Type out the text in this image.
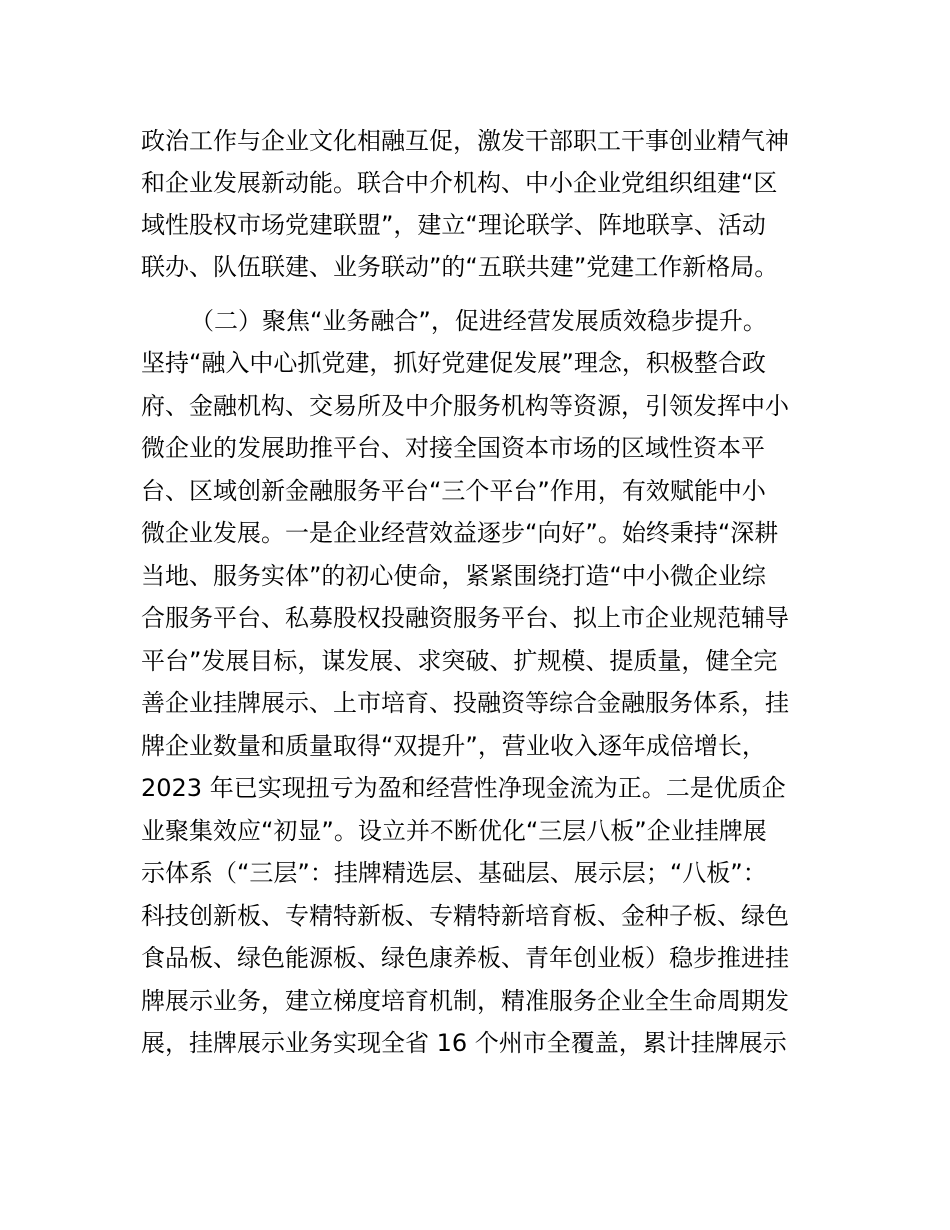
政治工作与企业文化相融互促，激发干部职工干事创业精气神
和企业发展新动能。联合中介机构、中小企业党组织组建“区
域性股权市场党建联盟”，建立“理论联学、阵地联享、活动
联办、队伍联建、业务联动”的“五联共建”党建工作新格局。
（二）聚焦“业务融合”，促进经营发展质效稳步提升。
坚持“融入中心抓党建，抓好党建促发展”理念，积极整合政
府、金融机构、交易所及中介服务机构等资源，引领发挥中小
微企业的发展助推平台、对接全国资本市场的区域性资本平
台、区域创新金融服务平台“三个平台”作用，有效赋能中小
微企业发展。一是企业经营效益逐步“向好”。始终秉持“深耕
当地、服务实体”的初心使命，紧紧围绕打造“中小微企业综
合服务平台、私募股权投融资服务平台、拟上市企业规范辅导
平台”发展目标，谋发展、求突破、扩规模、提质量，健全完
善企业挂牌展示、上市培育、投融资等综合金融服务体系，挂
牌企业数量和质量取得“双提升”，营业收入逐年成倍增长，
2023 年已实现扭亏为盈和经营性净现金流为正。二是优质企
业聚集效应“初显”。设立并不断优化“三层八板”企业挂牌展
示体系（“三层”：挂牌精选层、基础层、展示层；“八板”：
科技创新板、专精特新板、专精特新培育板、金种子板、绿色
食品板、绿色能源板、绿色康养板、青年创业板）稳步推进挂
牌展示业务，建立梯度培育机制，精准服务企业全生命周期发
展，挂牌展示业务实现全省 16 个州市全覆盖，累计挂牌展示
